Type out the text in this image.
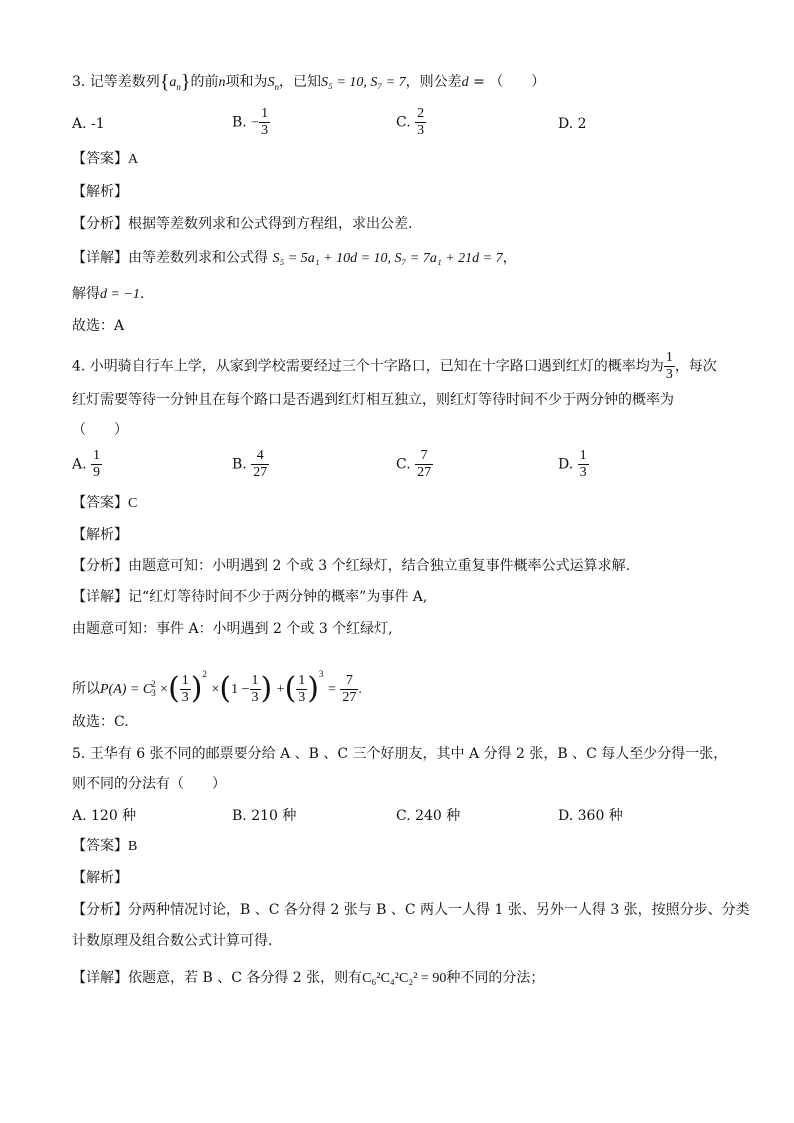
3. 记等差数列$\{a_n\}$的前n项和为$S_n$，已知S₅ = 10, S₇ = 7，则公差d = （　　）
A. -1	B. − $\frac{1}{3}$	C. $\frac{2}{3}$	D. 2
【答案】A
【解析】
【分析】根据等差数列求和公式得到方程组，求出公差.
【详解】由等差数列求和公式得 S₅ = 5a₁ + 10d = 10, S₇ = 7a₁ + 21d = 7，
解得d = −1.
故选：A
4. 小明骑自行车上学，从家到学校需要经过三个十字路口，已知在十字路口遇到红灯的概率均为 $\frac{1}{3}$ ，每次
红灯需要等待一分钟且在每个路口是否遇到红灯相互独立，则红灯等待时间不少于两分钟的概率为
（　　）
A. $\frac{1}{9}$	B. $\frac{4}{27}$	C. $\frac{7}{27}$	D. $\frac{1}{3}$
【答案】C
【解析】
【分析】由题意可知：小明遇到 2 个或 3 个红绿灯，结合独立重复事件概率公式运算求解.
【详解】记“红灯等待时间不少于两分钟的概率”为事件 A,
由题意可知：事件 A：小明遇到 2 个或 3 个红绿灯,
所以P(A) = C 2
3 ×( $\frac{1}{3} )^2 \times(1 - \frac{1}{3}$ ) +( $\frac{1}{3} )^3 = \frac{7}{27}$ .
故选：C.
5. 王华有 6 张不同的邮票要分给 A 、B 、C 三个好朋友，其中 A 分得 2 张，B 、C 每人至少分得一张，
则不同的分法有（　　）
A. 120 种	B. 210 种	C. 240 种	D. 360 种
【答案】B
【解析】
【分析】分两种情况讨论，B 、C 各分得 2 张与 B 、C 两人一人得 1 张、另外一人得 3 张，按照分步、分类
计数原理及组合数公式计算可得.
【详解】依题意，若 B 、C 各分得 2 张，则有C₆²C₄²C₂² = 90种不同的分法；
